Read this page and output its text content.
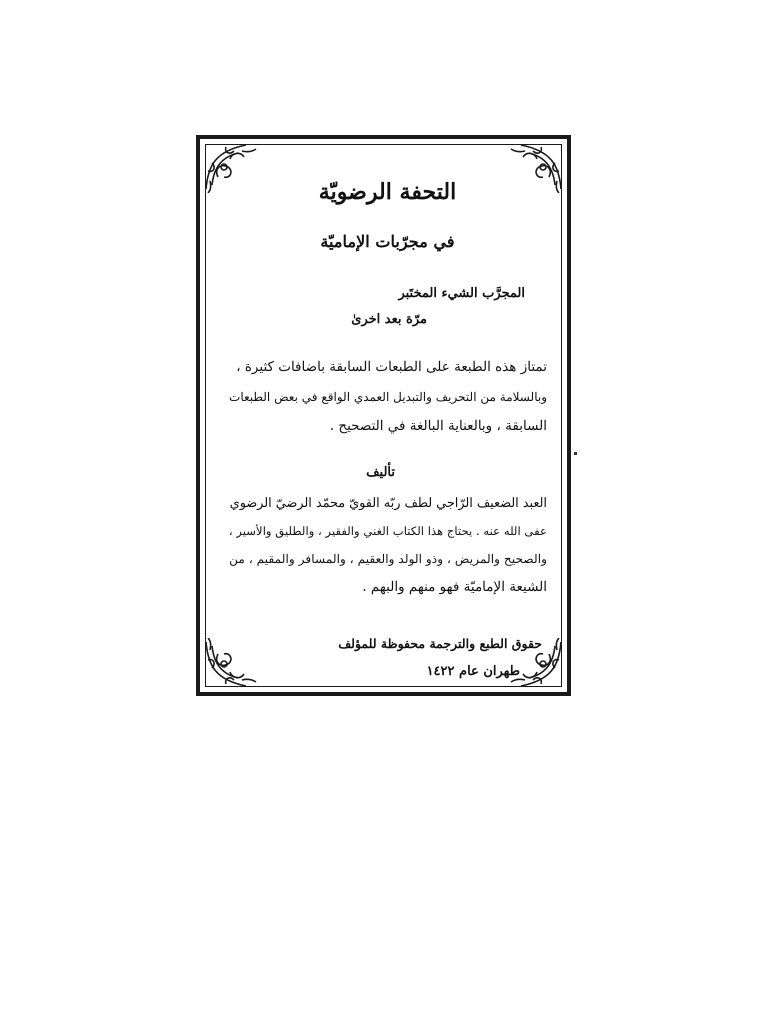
التحفة الرضويّة
في مجرّبات الإماميّة
المجرَّب الشيء المختَبر
مرّة بعد اخرىٰ
تمتاز هذه الطبعة على الطبعات السابقة باضافات كثيرة ،
وبالسلامة من التحريف والتبديل العمدي الواقع في بعض الطبعات
السابقة ، وبالعناية البالغة في التصحيح .
تأليف
العبد الضعيف الرّاجي لطف ربّه القويّ محمّد الرضيّ الرضوي
عفى الله عنه . يحتاج هذا الكتاب الغني والفقير ، والطليق والأسير ،
والصحيح والمريض ، وذو الولد والعقيم ، والمسافر والمقيم ، من
الشيعة الإماميّة فهو منهم والبهم .
حقوق الطبع والترجمة محفوظة للمؤلف
طهران عام ١٤٢٢
